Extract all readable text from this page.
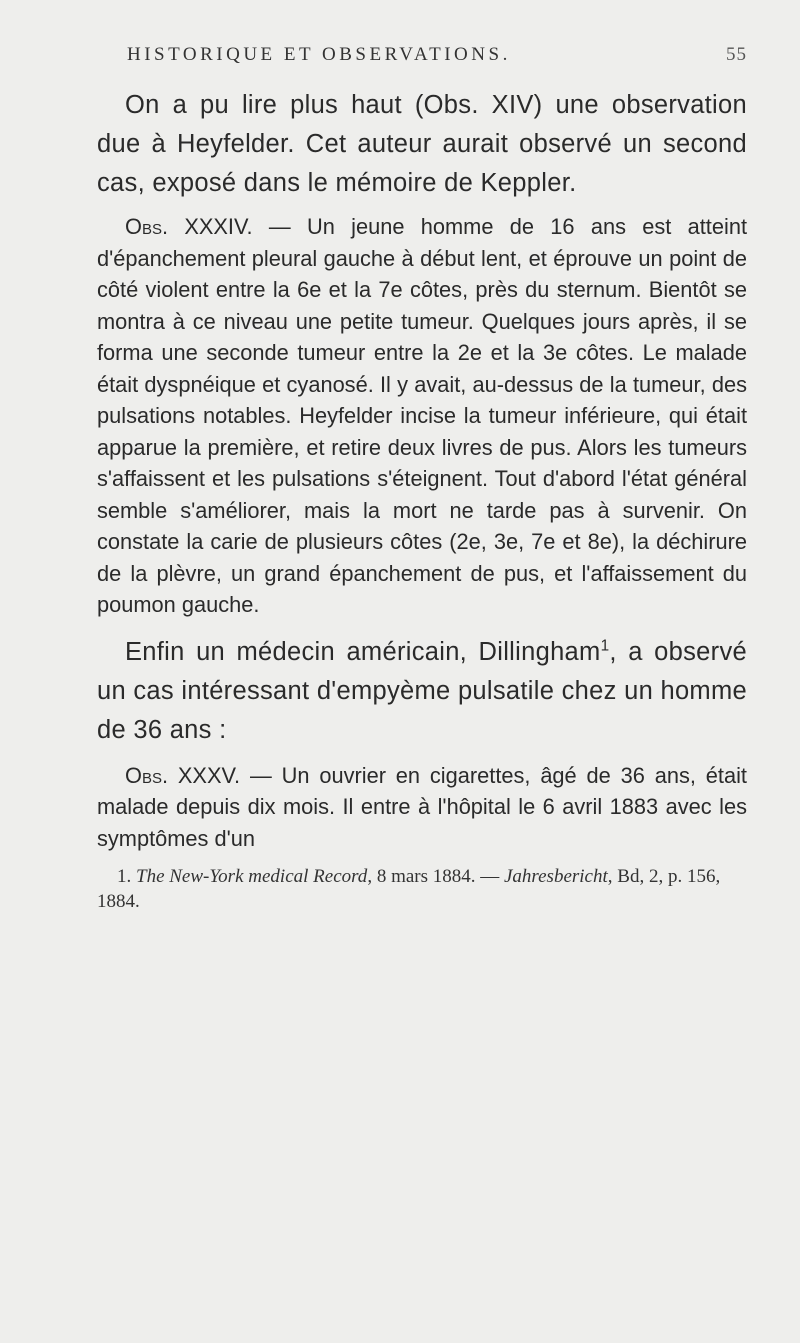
HISTORIQUE ET OBSERVATIONS.	55

On a pu lire plus haut (Obs. XIV) une observation due à Heyfelder. Cet auteur aurait observé un second cas, exposé dans le mémoire de Keppler.

Obs. XXXIV. — Un jeune homme de 16 ans est atteint d'épanchement pleural gauche à début lent, et éprouve un point de côté violent entre la 6e et la 7e côtes, près du sternum. Bientôt se montra à ce niveau une petite tumeur. Quelques jours après, il se forma une seconde tumeur entre la 2e et la 3e côtes. Le malade était dyspnéique et cyanosé. Il y avait, au-dessus de la tumeur, des pulsations notables. Heyfelder incise la tumeur inférieure, qui était apparue la première, et retire deux livres de pus. Alors les tumeurs s'affaissent et les pulsations s'éteignent. Tout d'abord l'état général semble s'améliorer, mais la mort ne tarde pas à survenir. On constate la carie de plusieurs côtes (2e, 3e, 7e et 8e), la déchirure de la plèvre, un grand épanchement de pus, et l'affaissement du poumon gauche.

Enfin un médecin américain, Dillingham$^1$, a observé un cas intéressant d'empyème pulsatile chez un homme de 36 ans :

Obs. XXXV. — Un ouvrier en cigarettes, âgé de 36 ans, était malade depuis dix mois. Il entre à l'hôpital le 6 avril 1883 avec les symptômes d'un

1. The New-York medical Record, 8 mars 1884. — Jahresbericht, Bd, 2, p. 156, 1884.
